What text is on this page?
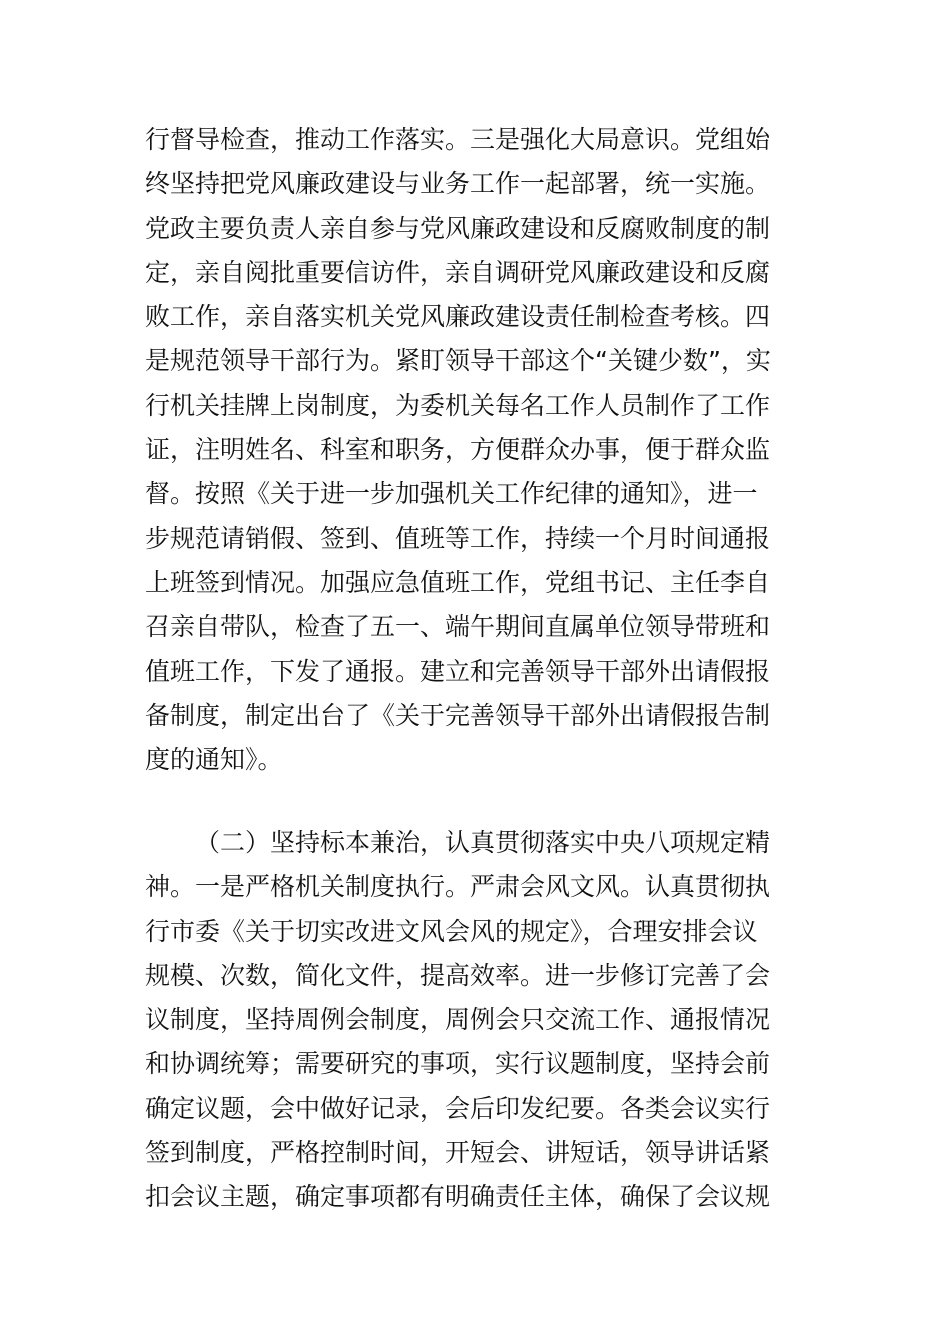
行督导检查，推动工作落实。三是强化大局意识。党组始
终坚持把党风廉政建设与业务工作一起部署，统一实施。
党政主要负责人亲自参与党风廉政建设和反腐败制度的制
定，亲自阅批重要信访件，亲自调研党风廉政建设和反腐
败工作，亲自落实机关党风廉政建设责任制检查考核。四
是规范领导干部行为。紧盯领导干部这个“关键少数”，实
行机关挂牌上岗制度，为委机关每名工作人员制作了工作
证，注明姓名、科室和职务，方便群众办事，便于群众监
督。按照《关于进一步加强机关工作纪律的通知》，进一
步规范请销假、签到、值班等工作，持续一个月时间通报
上班签到情况。加强应急值班工作，党组书记、主任李自
召亲自带队，检查了五一、端午期间直属单位领导带班和
值班工作，下发了通报。建立和完善领导干部外出请假报
备制度，制定出台了《关于完善领导干部外出请假报告制
度的通知》。
（二）坚持标本兼治，认真贯彻落实中央八项规定精
神。一是严格机关制度执行。严肃会风文风。认真贯彻执
行市委《关于切实改进文风会风的规定》，合理安排会议
规模、次数，简化文件，提高效率。进一步修订完善了会
议制度，坚持周例会制度，周例会只交流工作、通报情况
和协调统筹；需要研究的事项，实行议题制度，坚持会前
确定议题，会中做好记录，会后印发纪要。各类会议实行
签到制度，严格控制时间，开短会、讲短话，领导讲话紧
扣会议主题，确定事项都有明确责任主体，确保了会议规
